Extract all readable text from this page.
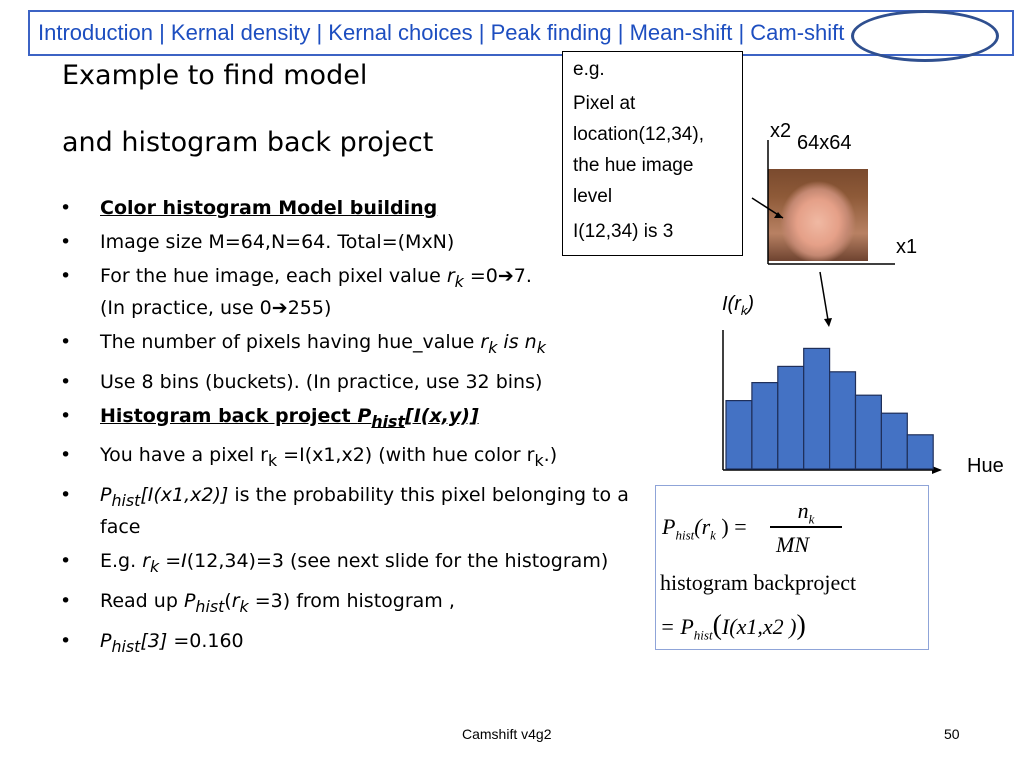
Introduction | Kernal density | Kernal choices | Peak finding | Mean-shift | Cam-shift
Example to find model
and histogram back project

e.g.

Pixel at location(12,34), the hue image level

I(12,34) is 3

• Color histogram Model building
• Image size M=64,N=64. Total=(MxN)
• For the hue image, each pixel value $r_k$ =0➔7.
(In practice, use 0➔255)
• The number of pixels having hue_value $r_k$ is $n_k$
• Use 8 bins (buckets). (In practice, use 32 bins)
• Histogram back project $P_{hist}[I(x,y)]$
• You have a pixel $r_k =I(x1,x2)$ (with hue color $r_k$.)
• $P_{hist}[I(x1,x2)]$ is the probability this pixel belonging to a face
• E.g. $r_k =I(12,34)=3$ (see next slide for the histogram)
• Read up $P_{hist}(r_k =3)$ from histogram ,
• $P_{hist}[3] =0.160$
x2
64x64
x1
$I(r_k)$
Hue
$P_{hist}(r_k$ ) =
$n_k$
MN
histogram backproject
= $P_{hist}(I(x1,x2$ ))
Camshift v4g2	50
